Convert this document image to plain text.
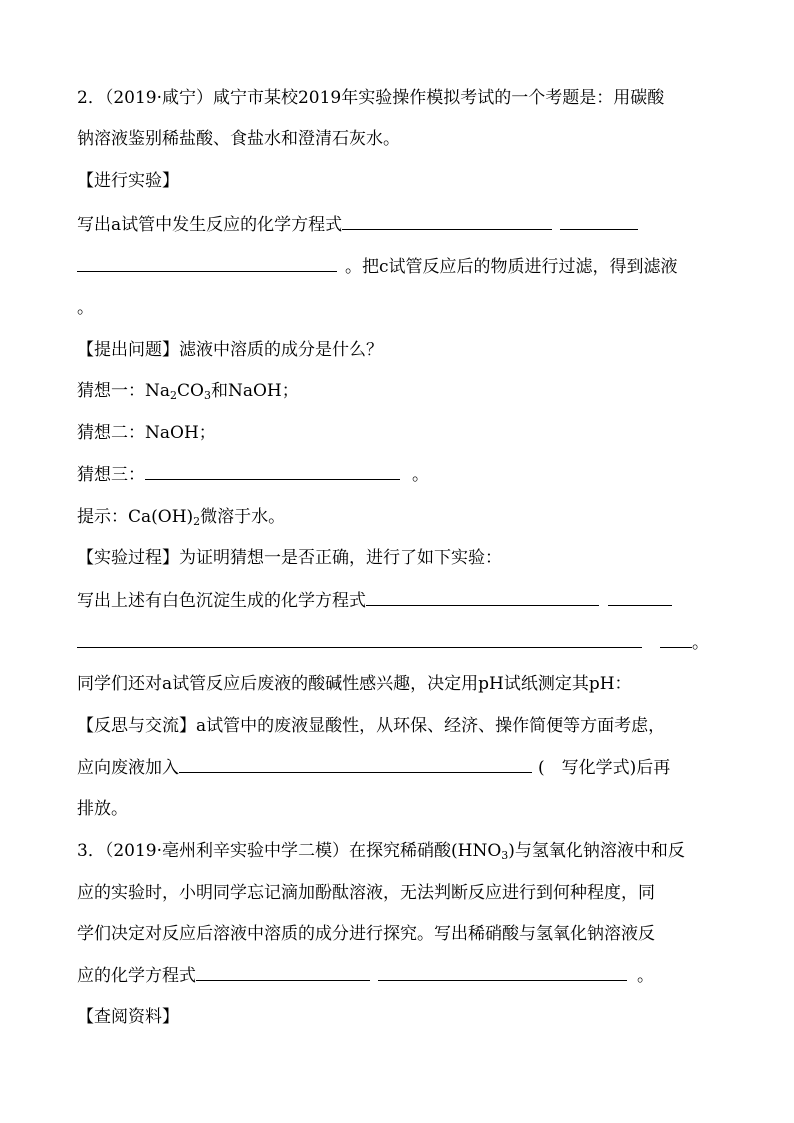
2．（2019·咸宁）咸宁市某校2019年实验操作模拟考试的一个考题是：用碳酸
钠溶液鉴别稀盐酸、食盐水和澄清石灰水。
【进行实验】
写出a试管中发生反应的化学方程式
。把c试管反应后的物质进行过滤，得到滤液
。
【提出问题】滤液中溶质的成分是什么？
猜想一：$Na_2CO_3$和NaOH；
猜想二：NaOH；
猜想三：	。
提示：$Ca(OH)_2$微溶于水。
【实验过程】为证明猜想一是否正确，进行了如下实验：
写出上述有白色沉淀生成的化学方程式
。
同学们还对a试管反应后废液的酸碱性感兴趣，决定用pH试纸测定其pH：
【反思与交流】a试管中的废液显酸性，从环保、经济、操作简便等方面考虑，
应向废液加入	(　写化学式)后再
排放。
3．（2019·亳州利辛实验中学二模）在探究稀硝酸$(HNO_3)$与氢氧化钠溶液中和反
应的实验时，小明同学忘记滴加酚酞溶液，无法判断反应进行到何种程度，同
学们决定对反应后溶液中溶质的成分进行探究。写出稀硝酸与氢氧化钠溶液反
应的化学方程式	。
【查阅资料】
